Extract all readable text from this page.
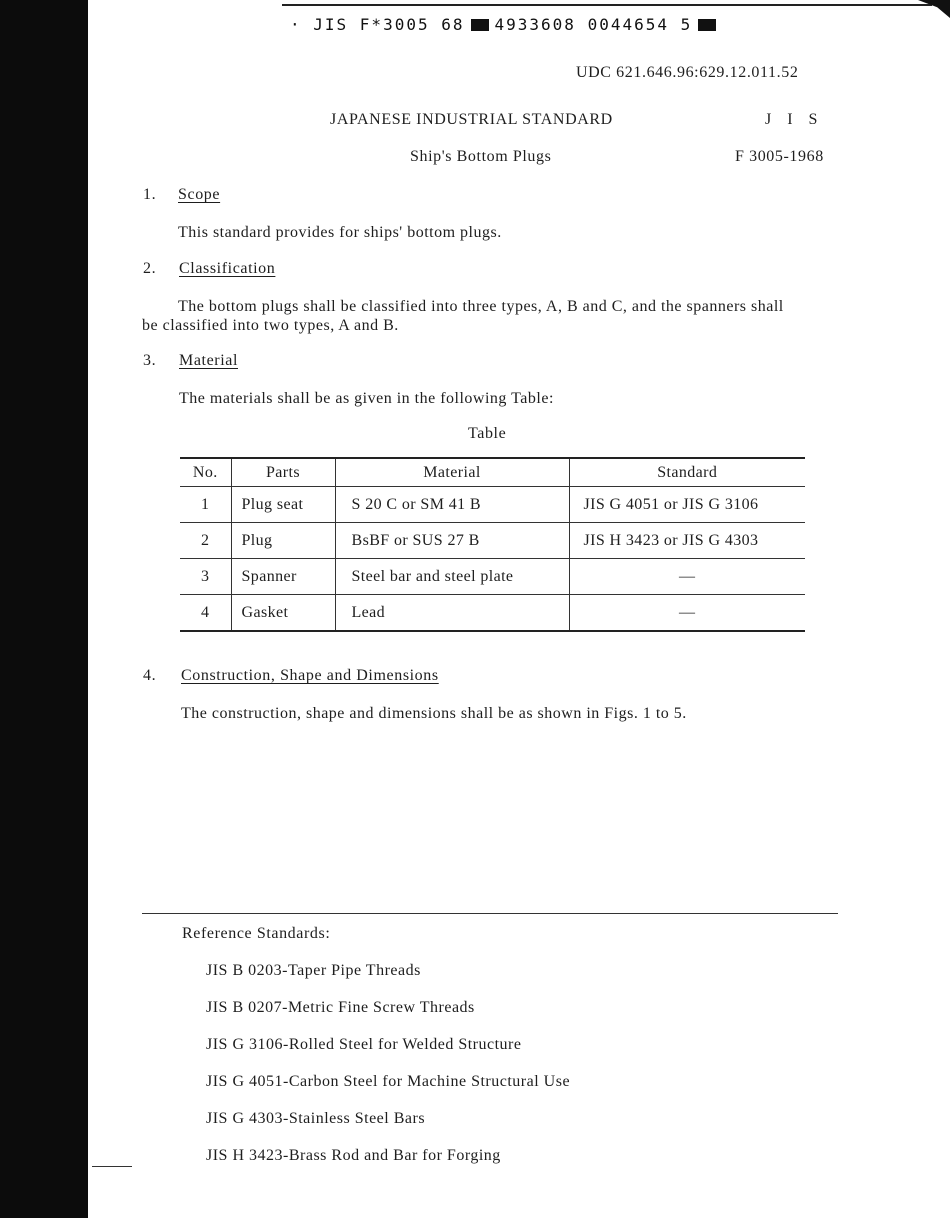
· JIS F*3005 68 4933608 0044654 5
UDC 621.646.96:629.12.011.52
JAPANESE INDUSTRIAL STANDARD	J I S
Ship's Bottom Plugs	F 3005-1968
1. Scope
This standard provides for ships' bottom plugs.
2. Classification
The bottom plugs shall be classified into three types, A, B and C, and the spanners shall be classified into two types, A and B.
3. Material
The materials shall be as given in the following Table:
Table
No.	Parts	Material	Standard
1	Plug seat	S 20 C or SM 41 B	JIS G 4051 or JIS G 3106
2	Plug	BsBF or SUS 27 B	JIS H 3423 or JIS G 4303
3	Spanner	Steel bar and steel plate	—
4	Gasket	Lead	—
4. Construction, Shape and Dimensions
The construction, shape and dimensions shall be as shown in Figs. 1 to 5.
Reference Standards:
JIS B 0203-Taper Pipe Threads
JIS B 0207-Metric Fine Screw Threads
JIS G 3106-Rolled Steel for Welded Structure
JIS G 4051-Carbon Steel for Machine Structural Use
JIS G 4303-Stainless Steel Bars
JIS H 3423-Brass Rod and Bar for Forging
